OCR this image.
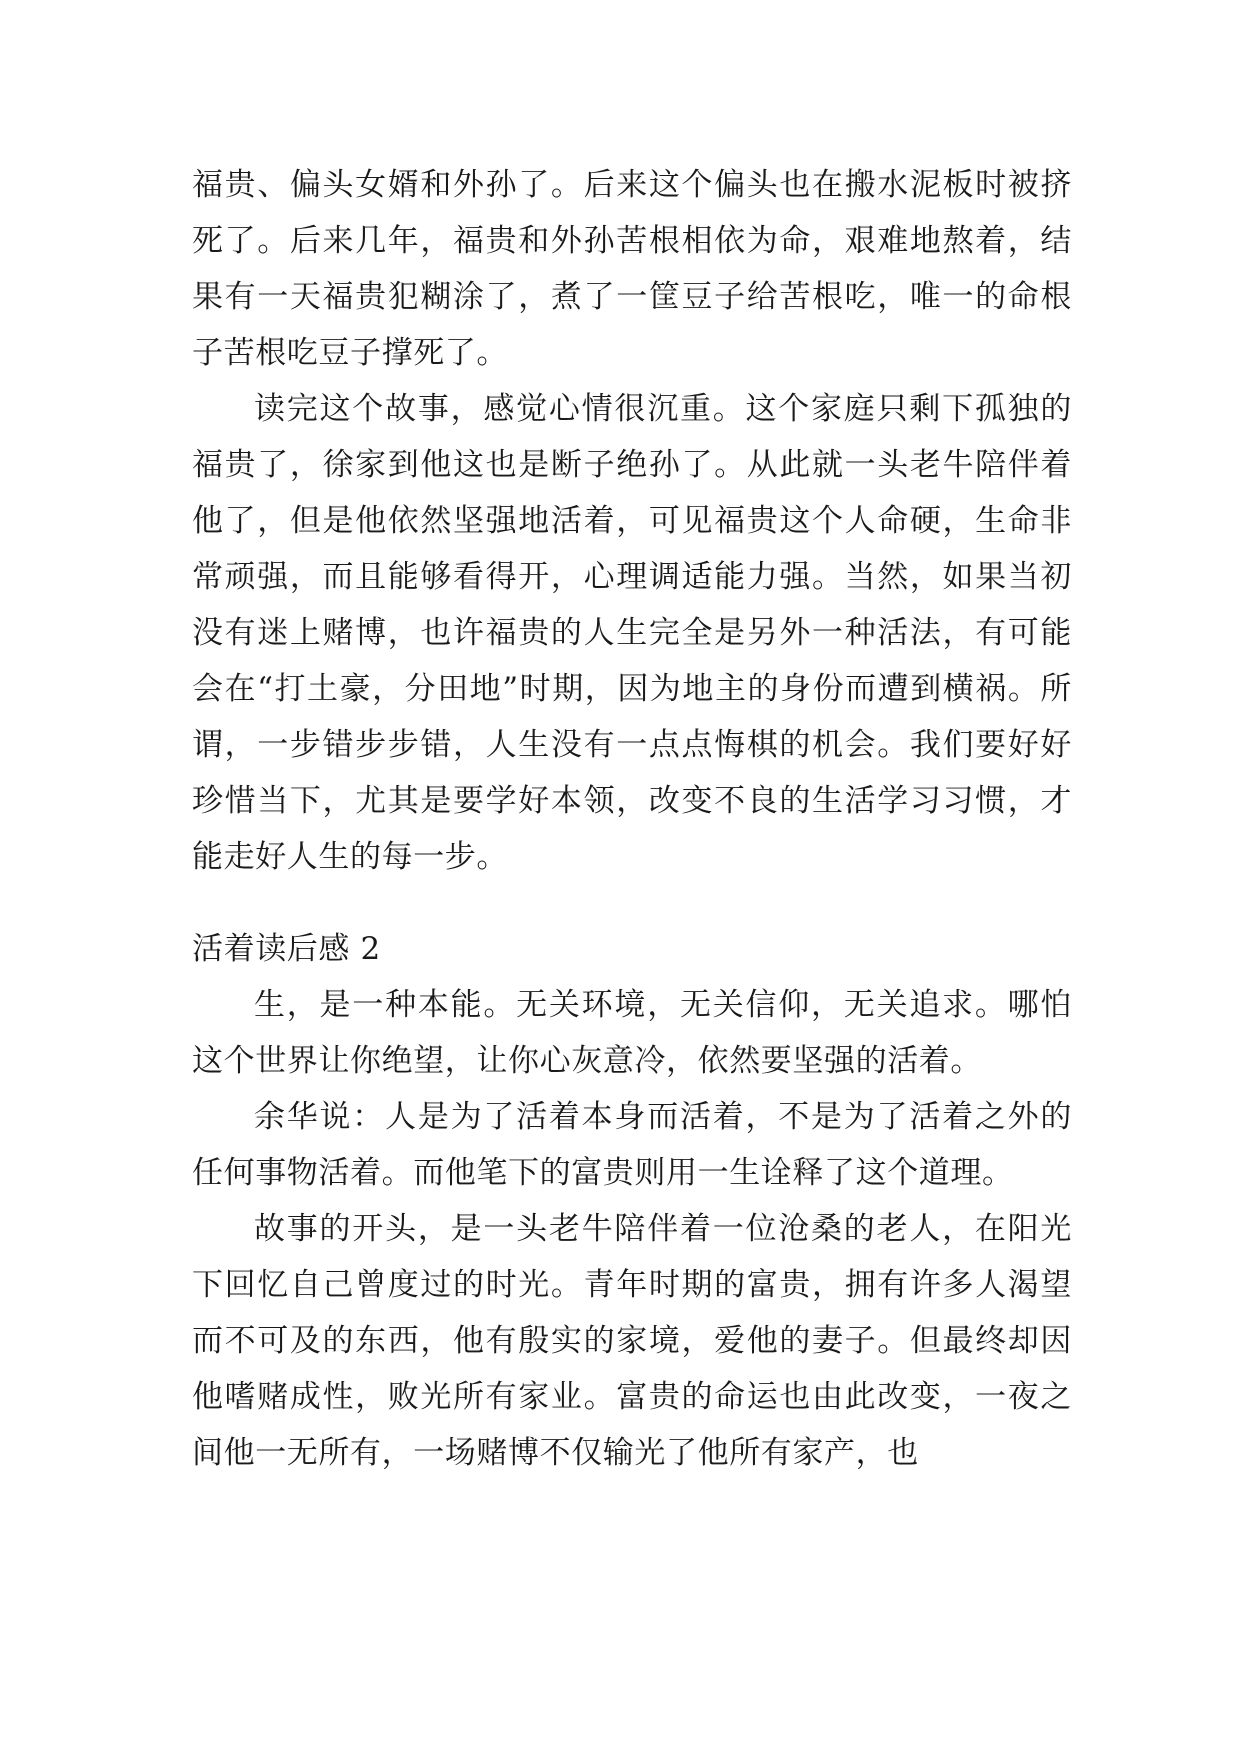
福贵、偏头女婿和外孙了。后来这个偏头也在搬水泥板时被挤死了。后来几年，福贵和外孙苦根相依为命，艰难地熬着，结果有一天福贵犯糊涂了，煮了一筐豆子给苦根吃，唯一的命根子苦根吃豆子撑死了。

读完这个故事，感觉心情很沉重。这个家庭只剩下孤独的福贵了，徐家到他这也是断子绝孙了。从此就一头老牛陪伴着他了，但是他依然坚强地活着，可见福贵这个人命硬，生命非常顽强，而且能够看得开，心理调适能力强。当然，如果当初没有迷上赌博，也许福贵的人生完全是另外一种活法，有可能会在“打土豪，分田地”时期，因为地主的身份而遭到横祸。所谓，一步错步步错，人生没有一点点悔棋的机会。我们要好好珍惜当下，尤其是要学好本领，改变不良的生活学习习惯，才能走好人生的每一步。

活着读后感 2

生，是一种本能。无关环境，无关信仰，无关追求。哪怕这个世界让你绝望，让你心灰意冷，依然要坚强的活着。

余华说：人是为了活着本身而活着，不是为了活着之外的任何事物活着。而他笔下的富贵则用一生诠释了这个道理。

故事的开头，是一头老牛陪伴着一位沧桑的老人，在阳光下回忆自己曾度过的时光。青年时期的富贵，拥有许多人渴望而不可及的东西，他有殷实的家境，爱他的妻子。但最终却因他嗜赌成性，败光所有家业。富贵的命运也由此改变，一夜之间他一无所有，一场赌博不仅输光了他所有家产，也
